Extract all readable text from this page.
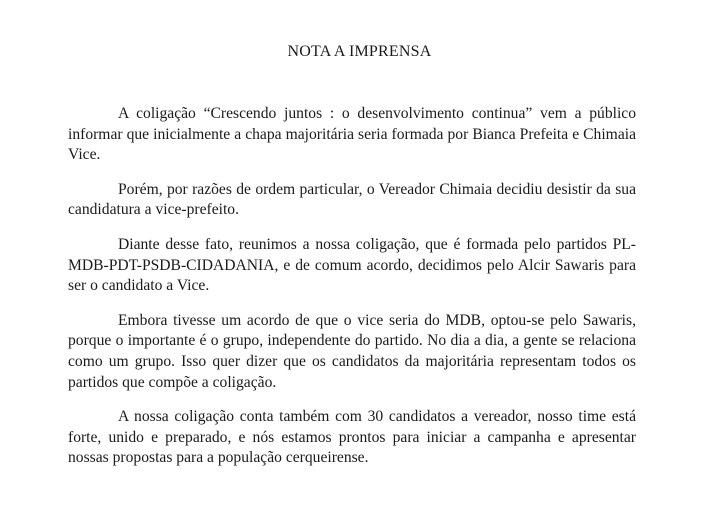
NOTA A IMPRENSA

A coligação “Crescendo juntos : o desenvolvimento continua” vem a público informar que inicialmente a chapa majoritária seria formada por Bianca Prefeita e Chimaia Vice.

Porém, por razões de ordem particular, o Vereador Chimaia decidiu desistir da sua candidatura a vice-prefeito.

Diante desse fato, reunimos a nossa coligação, que é formada pelo partidos PL-MDB-PDT-PSDB-CIDADANIA, e de comum acordo, decidimos pelo Alcir Sawaris para ser o candidato a Vice.

Embora tivesse um acordo de que o vice seria do MDB, optou-se pelo Sawaris, porque o importante é o grupo, independente do partido. No dia a dia, a gente se relaciona como um grupo. Isso quer dizer que os candidatos da majoritária representam todos os partidos que compõe a coligação.

A nossa coligação conta também com 30 candidatos a vereador, nosso time está forte, unido e preparado, e nós estamos prontos para iniciar a campanha e apresentar nossas propostas para a população cerqueirense.
